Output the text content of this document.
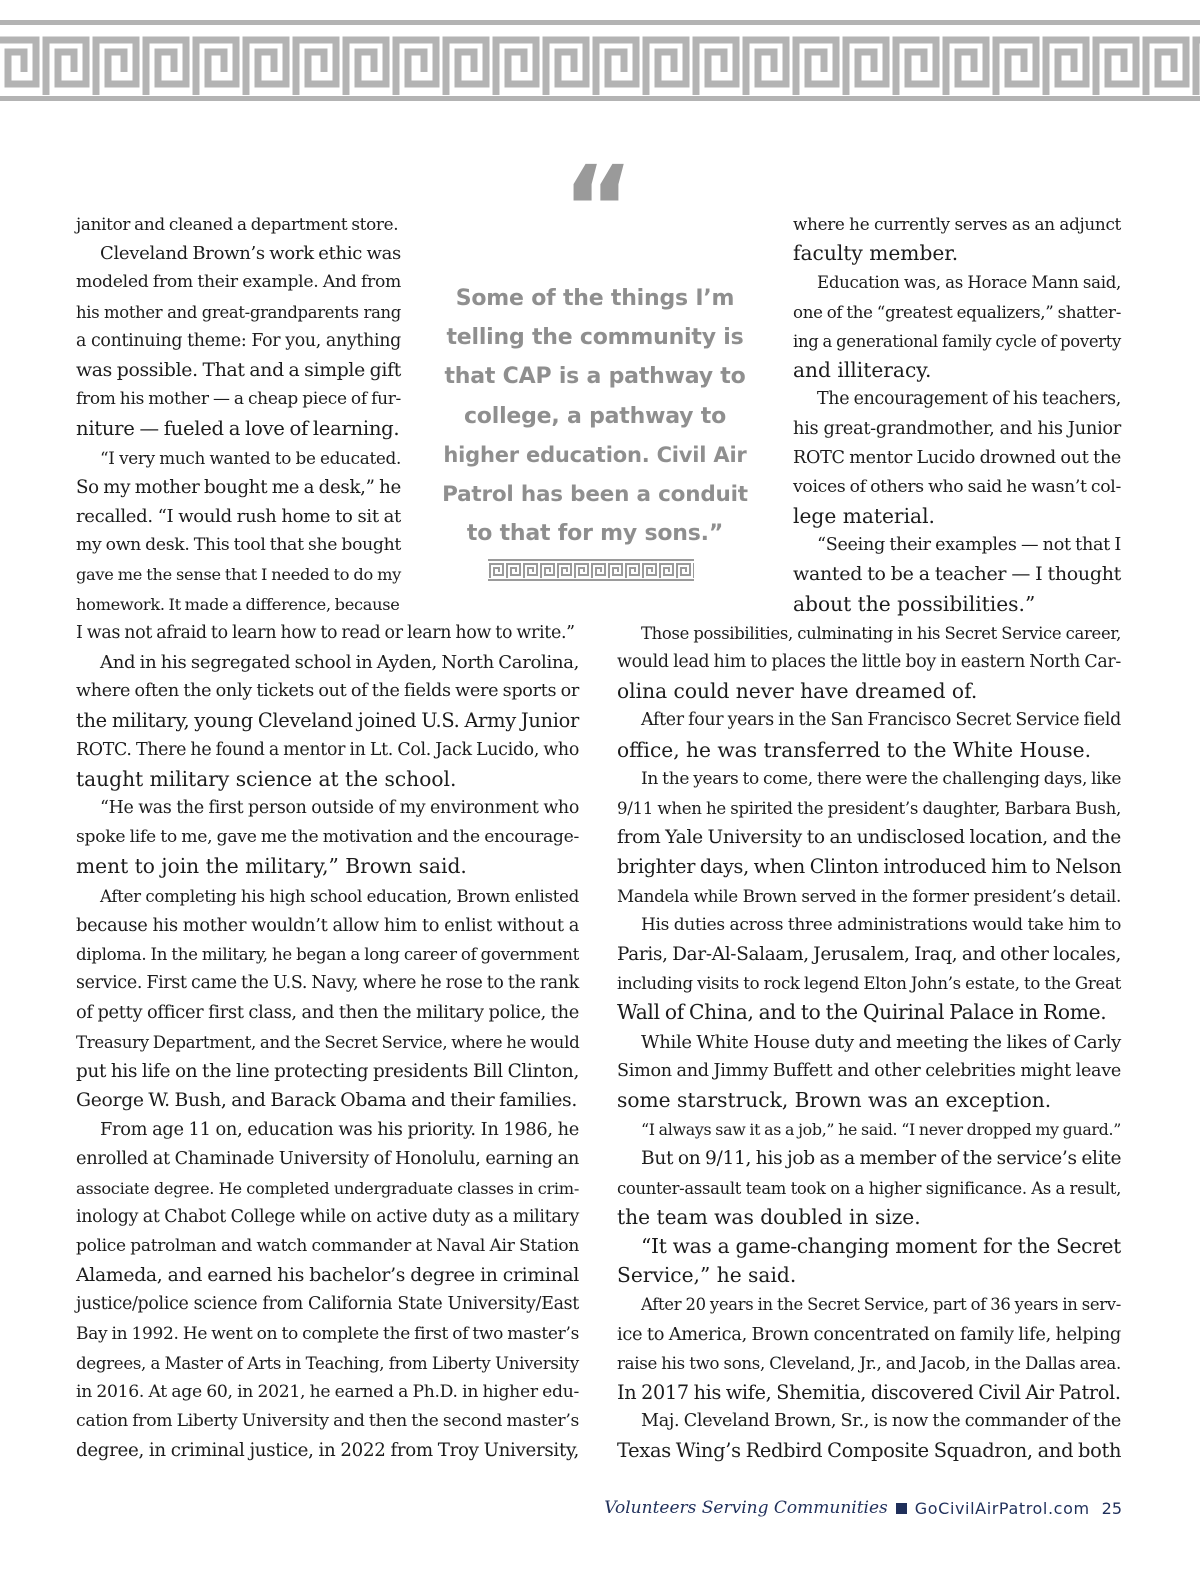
“
Some of the things I’m
telling the community is
that CAP is a pathway to
college, a pathway to
higher education. Civil Air
Patrol has been a conduit
to that for my sons.”
janitor and cleaned a department store.
Cleveland Brown’s work ethic was
modeled from their example. And from
his mother and great-grandparents rang
a continuing theme: For you, anything
was possible. That and a simple gift
from his mother — a cheap piece of fur-
niture — fueled a love of learning.
“I very much wanted to be educated.
So my mother bought me a desk,” he
recalled. “I would rush home to sit at
my own desk. This tool that she bought
gave me the sense that I needed to do my
homework. It made a difference, because
I was not afraid to learn how to read or learn how to write.”
And in his segregated school in Ayden, North Carolina,
where often the only tickets out of the fields were sports or
the military, young Cleveland joined U.S. Army Junior
ROTC. There he found a mentor in Lt. Col. Jack Lucido, who
taught military science at the school.
“He was the first person outside of my environment who
spoke life to me, gave me the motivation and the encourage-
ment to join the military,” Brown said.
After completing his high school education, Brown enlisted
because his mother wouldn’t allow him to enlist without a
diploma. In the military, he began a long career of government
service. First came the U.S. Navy, where he rose to the rank
of petty officer first class, and then the military police, the
Treasury Department, and the Secret Service, where he would
put his life on the line protecting presidents Bill Clinton,
George W. Bush, and Barack Obama and their families.
From age 11 on, education was his priority. In 1986, he
enrolled at Chaminade University of Honolulu, earning an
associate degree. He completed undergraduate classes in crim-
inology at Chabot College while on active duty as a military
police patrolman and watch commander at Naval Air Station
Alameda, and earned his bachelor’s degree in criminal
justice/police science from California State University/East
Bay in 1992. He went on to complete the first of two master’s
degrees, a Master of Arts in Teaching, from Liberty University
in 2016. At age 60, in 2021, he earned a Ph.D. in higher edu-
cation from Liberty University and then the second master’s
degree, in criminal justice, in 2022 from Troy University,
where he currently serves as an adjunct
faculty member.
Education was, as Horace Mann said,
one of the “greatest equalizers,” shatter-
ing a generational family cycle of poverty
and illiteracy.
The encouragement of his teachers,
his great-grandmother, and his Junior
ROTC mentor Lucido drowned out the
voices of others who said he wasn’t col-
lege material.
“Seeing their examples — not that I
wanted to be a teacher — I thought
about the possibilities.”
Those possibilities, culminating in his Secret Service career,
would lead him to places the little boy in eastern North Car-
olina could never have dreamed of.
After four years in the San Francisco Secret Service field
office, he was transferred to the White House.
In the years to come, there were the challenging days, like
9/11 when he spirited the president’s daughter, Barbara Bush,
from Yale University to an undisclosed location, and the
brighter days, when Clinton introduced him to Nelson
Mandela while Brown served in the former president’s detail.
His duties across three administrations would take him to
Paris, Dar-Al-Salaam, Jerusalem, Iraq, and other locales,
including visits to rock legend Elton John’s estate, to the Great
Wall of China, and to the Quirinal Palace in Rome.
While White House duty and meeting the likes of Carly
Simon and Jimmy Buffett and other celebrities might leave
some starstruck, Brown was an exception.
“I always saw it as a job,” he said. “I never dropped my guard.”
But on 9/11, his job as a member of the service’s elite
counter-assault team took on a higher significance. As a result,
the team was doubled in size.
“It was a game-changing moment for the Secret
Service,” he said.
After 20 years in the Secret Service, part of 36 years in serv-
ice to America, Brown concentrated on family life, helping
raise his two sons, Cleveland, Jr., and Jacob, in the Dallas area.
In 2017 his wife, Shemitia, discovered Civil Air Patrol.
Maj. Cleveland Brown, Sr., is now the commander of the
Texas Wing’s Redbird Composite Squadron, and both
Volunteers Serving Communities GoCivilAirPatrol.com 25
